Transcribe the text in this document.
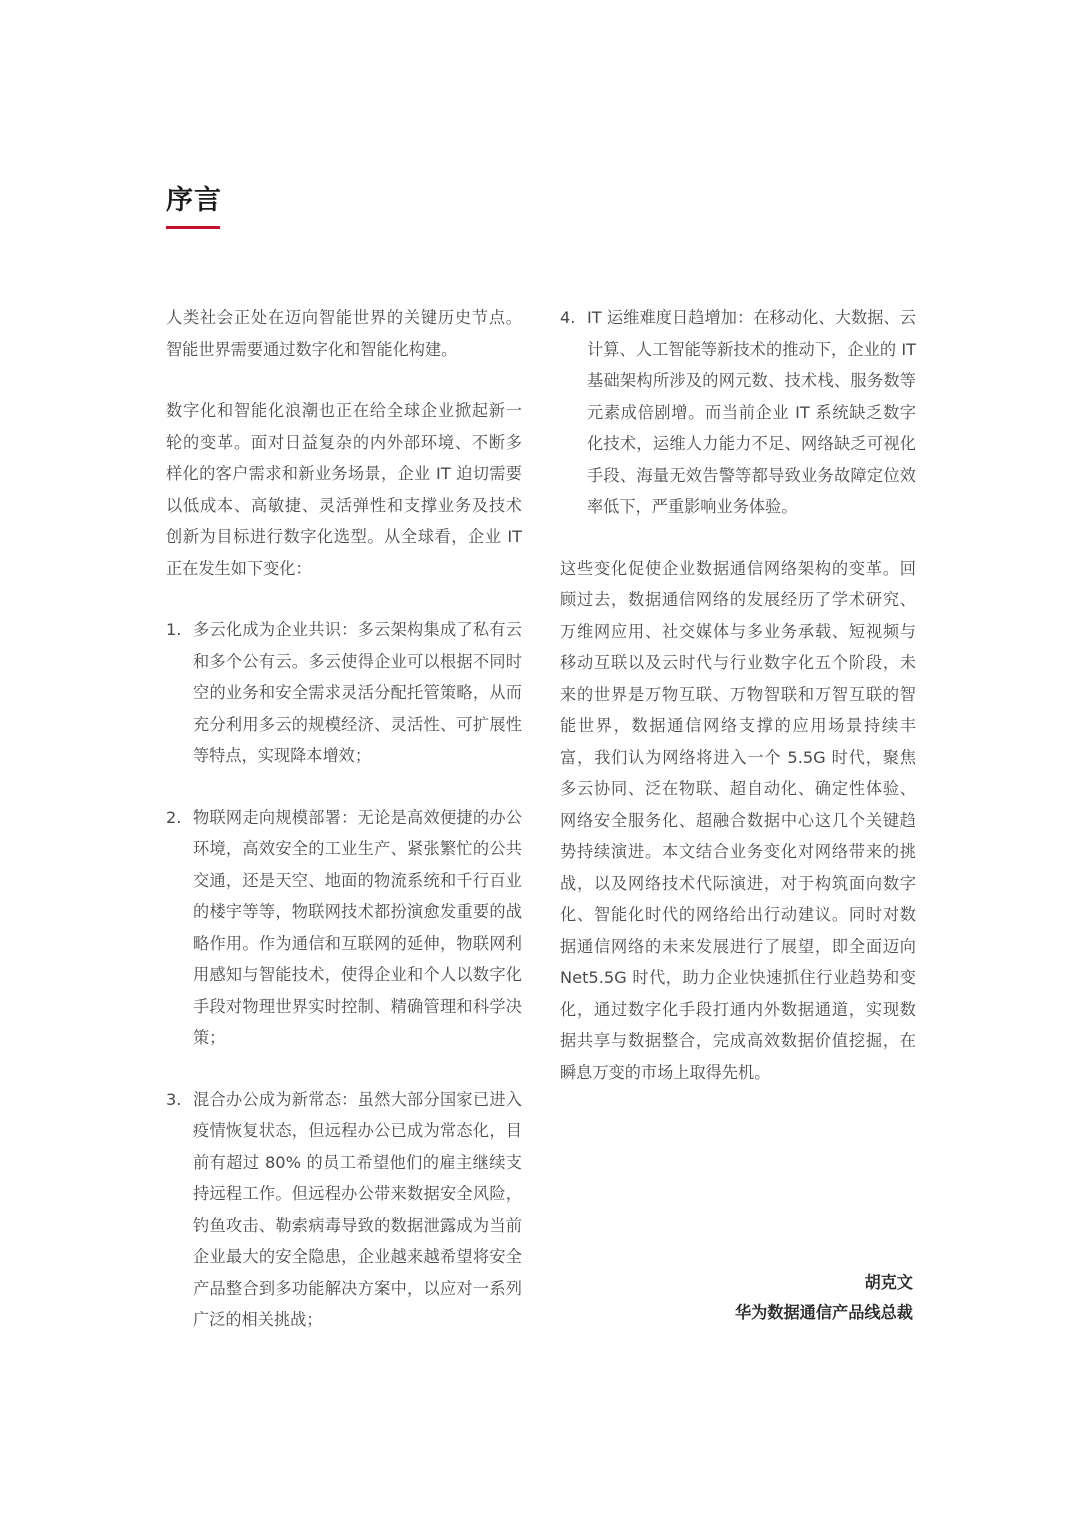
序言

人类社会正处在迈向智能世界的关键历史节点。智能世界需要通过数字化和智能化构建。

数字化和智能化浪潮也正在给全球企业掀起新一轮的变革。面对日益复杂的内外部环境、不断多样化的客户需求和新业务场景，企业 IT 迫切需要以低成本、高敏捷、灵活弹性和支撑业务及技术创新为目标进行数字化选型。从全球看，企业 IT 正在发生如下变化：

1. 多云化成为企业共识：多云架构集成了私有云和多个公有云。多云使得企业可以根据不同时空的业务和安全需求灵活分配托管策略，从而充分利用多云的规模经济、灵活性、可扩展性等特点，实现降本增效；
2. 物联网走向规模部署：无论是高效便捷的办公环境，高效安全的工业生产、紧张繁忙的公共交通，还是天空、地面的物流系统和千行百业的楼宇等等，物联网技术都扮演愈发重要的战略作用。作为通信和互联网的延伸，物联网利用感知与智能技术，使得企业和个人以数字化手段对物理世界实时控制、精确管理和科学决策；
3. 混合办公成为新常态：虽然大部分国家已进入疫情恢复状态，但远程办公已成为常态化，目前有超过 80% 的员工希望他们的雇主继续支持远程工作。但远程办公带来数据安全风险，钓鱼攻击、勒索病毒导致的数据泄露成为当前企业最大的安全隐患，企业越来越希望将安全产品整合到多功能解决方案中，以应对一系列广泛的相关挑战；
4. IT 运维难度日趋增加：在移动化、大数据、云计算、人工智能等新技术的推动下，企业的 IT 基础架构所涉及的网元数、技术栈、服务数等元素成倍剧增。而当前企业 IT 系统缺乏数字化技术，运维人力能力不足、网络缺乏可视化手段、海量无效告警等都导致业务故障定位效率低下，严重影响业务体验。

这些变化促使企业数据通信网络架构的变革。回顾过去，数据通信网络的发展经历了学术研究、万维网应用、社交媒体与多业务承载、短视频与移动互联以及云时代与行业数字化五个阶段，未来的世界是万物互联、万物智联和万智互联的智能世界，数据通信网络支撑的应用场景持续丰富，我们认为网络将进入一个 5.5G 时代，聚焦多云协同、泛在物联、超自动化、确定性体验、网络安全服务化、超融合数据中心这几个关键趋势持续演进。本文结合业务变化对网络带来的挑战，以及网络技术代际演进，对于构筑面向数字化、智能化时代的网络给出行动建议。同时对数据通信网络的未来发展进行了展望，即全面迈向 Net5.5G 时代，助力企业快速抓住行业趋势和变化，通过数字化手段打通内外数据通道，实现数据共享与数据整合，完成高效数据价值挖掘，在瞬息万变的市场上取得先机。

胡克文
华为数据通信产品线总裁
